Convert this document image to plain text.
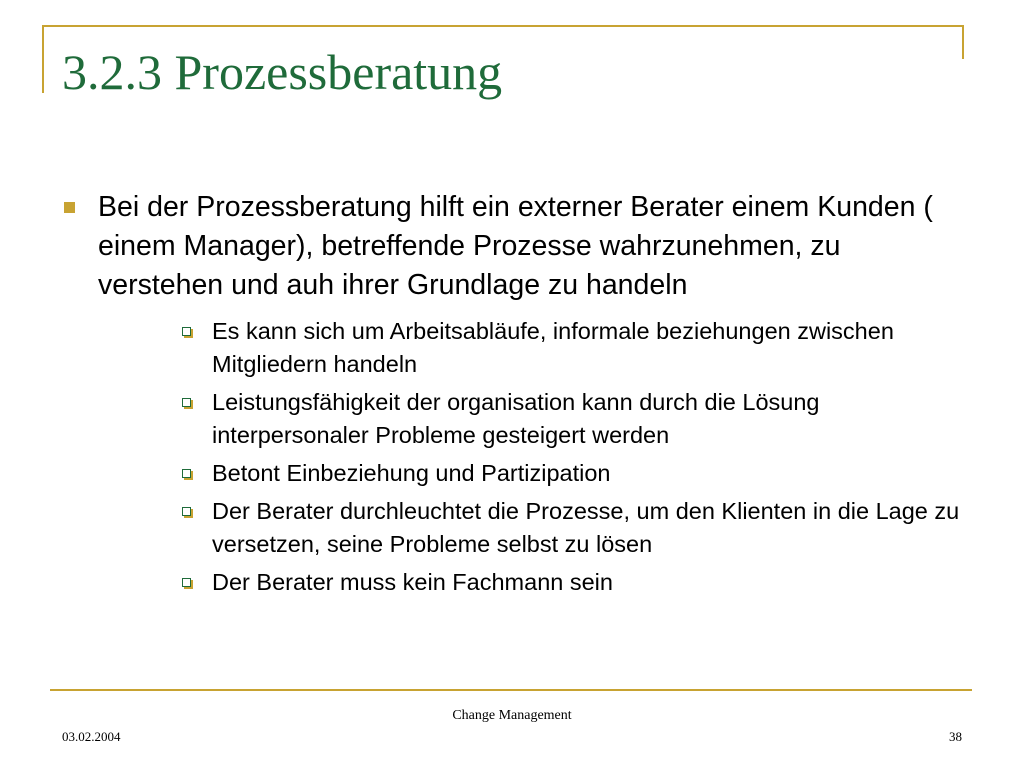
3.2.3 Prozessberatung
Bei der Prozessberatung hilft ein externer Berater einem Kunden ( einem Manager), betreffende Prozesse wahrzunehmen, zu verstehen und auh ihrer Grundlage zu handeln
Es kann sich um Arbeitsabläufe, informale beziehungen zwischen Mitgliedern handeln
Leistungsfähigkeit der organisation kann durch die Lösung interpersonaler Probleme gesteigert werden
Betont Einbeziehung und Partizipation
Der Berater durchleuchtet die Prozesse, um den Klienten in die Lage zu versetzen, seine Probleme selbst zu lösen
Der Berater muss kein Fachmann sein
Change Management
03.02.2004	38
